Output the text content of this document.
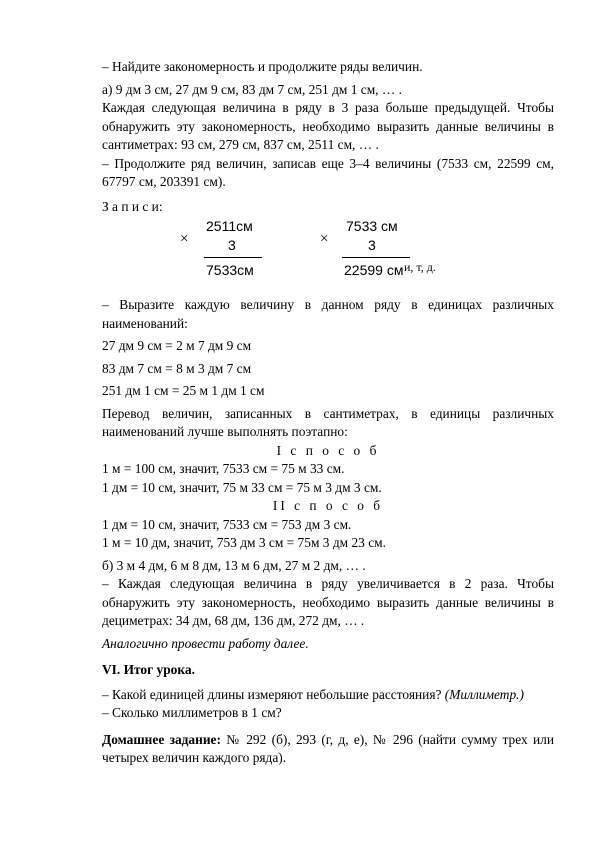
– Найдите закономерность и продолжите ряды величин.

а) 9 дм 3 см, 27 дм 9 см, 83 дм 7 см, 251 дм 1 см, … .

Каждая следующая величина в ряду в 3 раза больше предыдущей. Чтобы обнаружить эту закономерность, необходимо выразить данные величины в сантиметрах: 93 см, 279 см, 837 см, 2511 см, … .

– Продолжите ряд величин, записав еще 3–4 величины (7533 см, 22599 см, 67797 см, 203391 см).

З а п и с и:

×
2511см
3
7533см
×
7533 см
3
22599 см и, т, д.

– Выразите каждую величину в данном ряду в единицах различных наименований:

27 дм 9 см = 2 м 7 дм 9 см

83 дм 7 см = 8 м 3 дм 7 см

251 дм 1 см = 25 м 1 дм 1 см

Перевод величин, записанных в сантиметрах, в единицы различных наименований лучше выполнять поэтапно:

I с п о с о б

1 м = 100 см, значит, 7533 см = 75 м 33 см.

1 дм = 10 см, значит, 75 м 33 см = 75 м 3 дм 3 см.

II с п о с о б

1 дм = 10 см, значит, 7533 см = 753 дм 3 см.

1 м = 10 дм, значит, 753 дм 3 см = 75м 3 дм 23 см.

б) 3 м 4 дм, 6 м 8 дм, 13 м 6 дм, 27 м 2 дм, … .

– Каждая следующая величина в ряду увеличивается в 2 раза. Чтобы обнаружить эту закономерность, необходимо выразить данные величины в дециметрах: 34 дм, 68 дм, 136 дм, 272 дм, … .

Аналогично провести работу далее.

VI. Итог урока.

– Какой единицей длины измеряют небольшие расстояния? (Миллиметр.)

– Сколько миллиметров в 1 см?

Домашнее задание: № 292 (б), 293 (г, д, е), № 296 (найти сумму трех или четырех величин каждого ряда).
